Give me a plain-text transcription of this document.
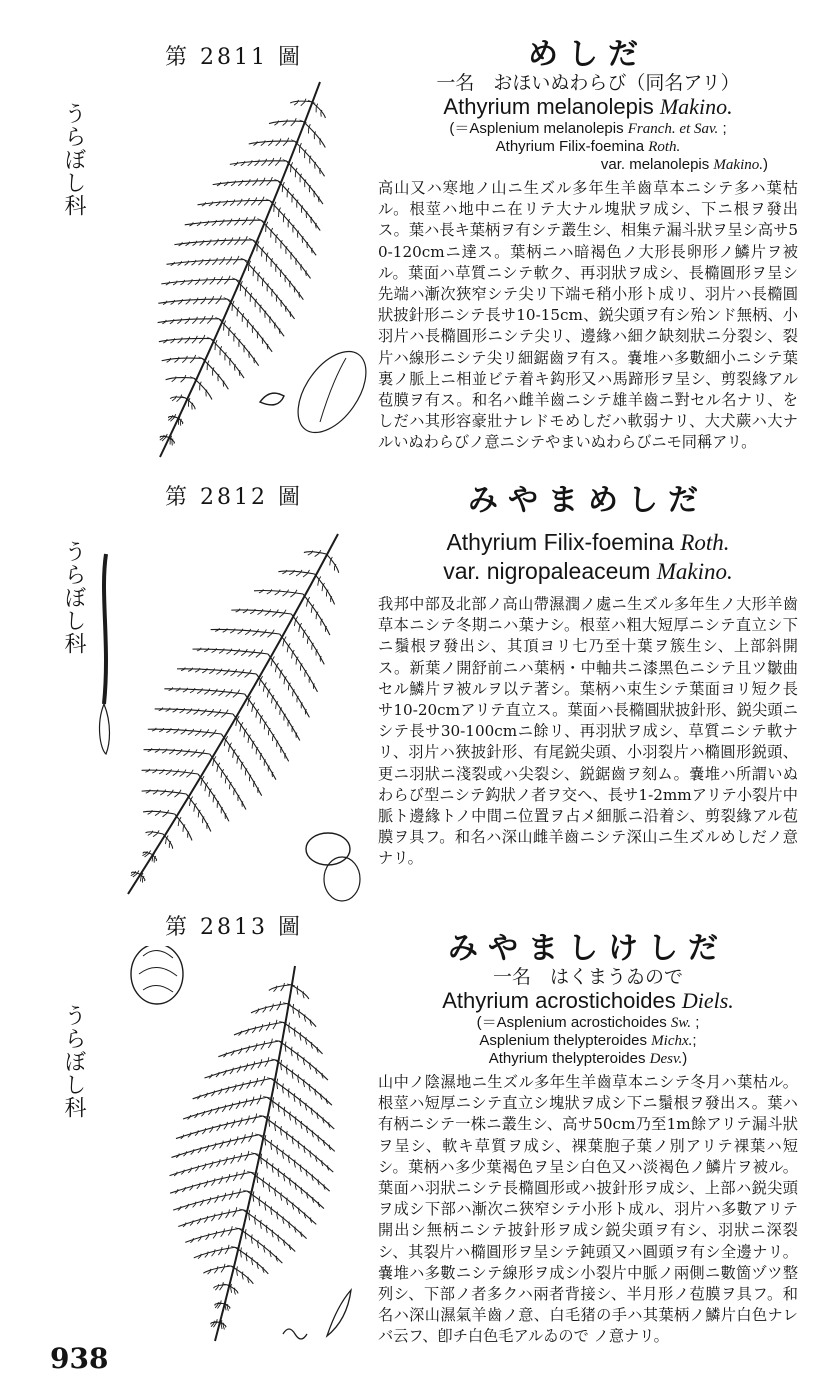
第 2811 圖
うらぼし科

めしだ

一名　おほいぬわらび（同名アリ）

Athyrium melanolepis Makino.

(＝Asplenium melanolepis Franch. et Sav. ;

Athyrium Filix-foemina Roth.

var. melanolepis Makino.)

高山又ハ寒地ノ山ニ生ズル多年生羊齒草本ニシテ多ハ葉枯ル。根莖ハ地中ニ在リテ大ナル塊狀ヲ成シ、下ニ根ヲ發出ス。葉ハ長キ葉柄ヲ有シテ叢生シ、相集テ漏斗狀ヲ呈シ高サ50-120cmニ達ス。葉柄ニハ暗褐色ノ大形長卵形ノ鱗片ヲ被ル。葉面ハ草質ニシテ軟ク、再羽狀ヲ成シ、長橢圓形ヲ呈シ先端ハ漸次狹窄シテ尖リ下端モ稍小形ト成リ、羽片ハ長橢圓狀披針形ニシテ長サ10-15cm、鋭尖頭ヲ有シ殆ンド無柄、小羽片ハ長橢圓形ニシテ尖リ、邊緣ハ細ク缺刻狀ニ分裂シ、裂片ハ線形ニシテ尖リ細鋸齒ヲ有ス。嚢堆ハ多數細小ニシテ葉裏ノ脈上ニ相並ビテ着キ鈎形又ハ馬蹄形ヲ呈シ、剪裂緣アル苞膜ヲ有ス。和名ハ雌羊齒ニシテ雄羊齒ニ對セル名ナリ、をしだハ其形容豪壯ナレドモめしだハ軟弱ナリ、大犬蕨ハ大ナルいぬわらびノ意ニシテやまいぬわらびニモ同稱アリ。

第 2812 圖
うらぼし科

みやまめしだ

Athyrium Filix-foemina Roth.

var. nigropaleaceum Makino.

我邦中部及北部ノ高山帶濕潤ノ處ニ生ズル多年生ノ大形羊齒草本ニシテ冬期ニハ葉ナシ。根莖ハ粗大短厚ニシテ直立シ下ニ鬚根ヲ發出シ、其頂ヨリ七乃至十葉ヲ簇生シ、上部斜開ス。新葉ノ開舒前ニハ葉柄・中軸共ニ漆黑色ニシテ且ツ皺曲セル鱗片ヲ被ルヲ以テ著シ。葉柄ハ束生シテ葉面ヨリ短ク長サ10-20cmアリテ直立ス。葉面ハ長橢圓狀披針形、鋭尖頭ニシテ長サ30-100cmニ餘リ、再羽狀ヲ成シ、草質ニシテ軟ナリ、羽片ハ狹披針形、有尾鋭尖頭、小羽裂片ハ橢圓形鋭頭、更ニ羽狀ニ淺裂或ハ尖裂シ、鋭鋸齒ヲ刻ム。嚢堆ハ所謂いぬわらび型ニシテ鈎狀ノ者ヲ交ヘ、長サ1-2mmアリテ小裂片中脈ト邊緣トノ中間ニ位置ヲ占メ細脈ニ沿着シ、剪裂緣アル苞膜ヲ具フ。和名ハ深山雌羊齒ニシテ深山ニ生ズルめしだノ意ナリ。

第 2813 圖
うらぼし科

みやましけしだ

一名　はくまうゐので

Athyrium acrostichoides Diels.

(＝Asplenium acrostichoides Sw. ;

Asplenium thelypteroides Michx.;

Athyrium thelypteroides Desv.)

山中ノ陰濕地ニ生ズル多年生羊齒草本ニシテ冬月ハ葉枯ル。根莖ハ短厚ニシテ直立シ塊狀ヲ成シ下ニ鬚根ヲ發出ス。葉ハ有柄ニシテ一株ニ叢生シ、高サ50cm乃至1m餘アリテ漏斗狀ヲ呈シ、軟キ草質ヲ成シ、裸葉胞子葉ノ別アリテ裸葉ハ短シ。葉柄ハ多少葉褐色ヲ呈シ白色又ハ淡褐色ノ鱗片ヲ被ル。葉面ハ羽狀ニシテ長橢圓形或ハ披針形ヲ成シ、上部ハ鋭尖頭ヲ成シ下部ハ漸次ニ狹窄シテ小形ト成ル、羽片ハ多數アリテ開出シ無柄ニシテ披針形ヲ成シ鋭尖頭ヲ有シ、羽狀ニ深裂シ、其裂片ハ橢圓形ヲ呈シテ鈍頭又ハ圓頭ヲ有シ全邊ナリ。嚢堆ハ多數ニシテ線形ヲ成シ小裂片中脈ノ兩側ニ數箇ヅツ整列シ、下部ノ者多クハ兩者背接シ、半月形ノ苞膜ヲ具フ。和名ハ深山濕氣羊齒ノ意、白毛猪の手ハ其葉柄ノ鱗片白色ナレバ云フ、卽チ白色毛アルゐので ノ意ナリ。

938
